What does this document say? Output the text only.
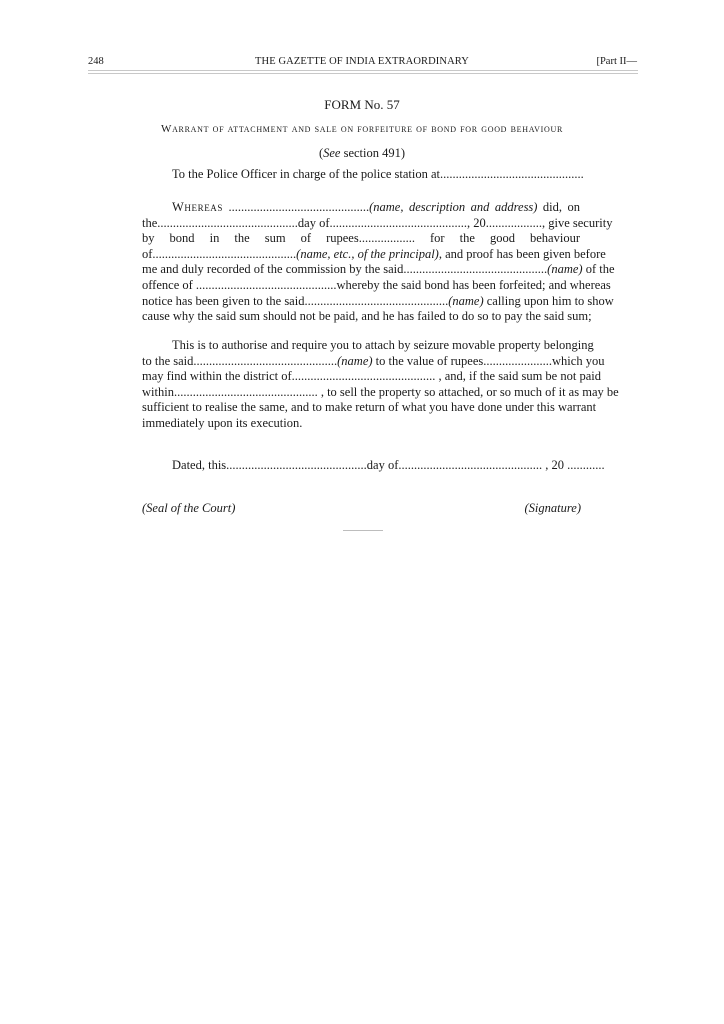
248	THE GAZETTE OF INDIA EXTRAORDINARY	[Part II—
FORM No. 57
Warrant of attachment and sale on forfeiture of bond for good behaviour
(See section 491)
To the Police Officer in charge of the police station at..............................................
Whereas .............................................(name, description and address) did, on
the.............................................day of............................................, 20.................., give security
by bond in the sum of rupees.................. for the good behaviour
of..............................................(name, etc., of the principal), and proof has been given before
me and duly recorded of the commission by the said..............................................(name) of the
offence of .............................................whereby the said bond has been forfeited; and whereas
notice has been given to the said..............................................(name) calling upon him to show
cause why the said sum should not be paid, and he has failed to do so to pay the said sum;
This is to authorise and require you to attach by seizure movable property belonging
to the said..............................................(name) to the value of rupees......................which you
may find within the district of.............................................. , and, if the said sum be not paid
within.............................................. , to sell the property so attached, or so much of it as may be
sufficient to realise the same, and to make return of what you have done under this warrant
immediately upon its execution.
Dated, this.............................................day of.............................................. , 20 ............
(Seal of the Court)	(Signature)
